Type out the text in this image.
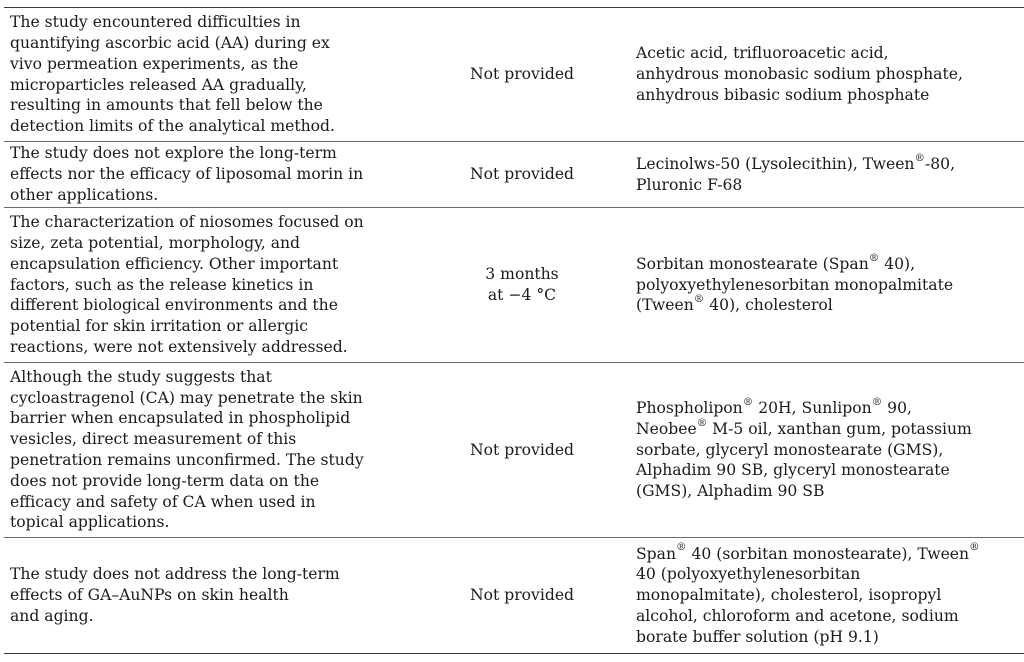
The study encountered difficulties in
quantifying ascorbic acid (AA) during ex
vivo permeation experiments, as the
microparticles released AA gradually,
resulting in amounts that fell below the
detection limits of the analytical method.
Not provided
Acetic acid, trifluoroacetic acid,
anhydrous monobasic sodium phosphate,
anhydrous bibasic sodium phosphate
The study does not explore the long-term
effects nor the efficacy of liposomal morin in
other applications.
Not provided
Lecinolws-50 (Lysolecithin), Tween®-80,
Pluronic F-68
The characterization of niosomes focused on
size, zeta potential, morphology, and
encapsulation efficiency. Other important
factors, such as the release kinetics in
different biological environments and the
potential for skin irritation or allergic
reactions, were not extensively addressed.
3 months
at −4 °C
Sorbitan monostearate (Span® 40),
polyoxyethylenesorbitan monopalmitate
(Tween® 40), cholesterol
Although the study suggests that
cycloastragenol (CA) may penetrate the skin
barrier when encapsulated in phospholipid
vesicles, direct measurement of this
penetration remains unconfirmed. The study
does not provide long-term data on the
efficacy and safety of CA when used in
topical applications.
Not provided
Phospholipon® 20H, Sunlipon® 90,
Neobee® M-5 oil, xanthan gum, potassium
sorbate, glyceryl monostearate (GMS),
Alphadim 90 SB, glyceryl monostearate
(GMS), Alphadim 90 SB
The study does not address the long-term
effects of GA–AuNPs on skin health
and aging.
Not provided
Span® 40 (sorbitan monostearate), Tween®
40 (polyoxyethylenesorbitan
monopalmitate), cholesterol, isopropyl
alcohol, chloroform and acetone, sodium
borate buffer solution (pH 9.1)
